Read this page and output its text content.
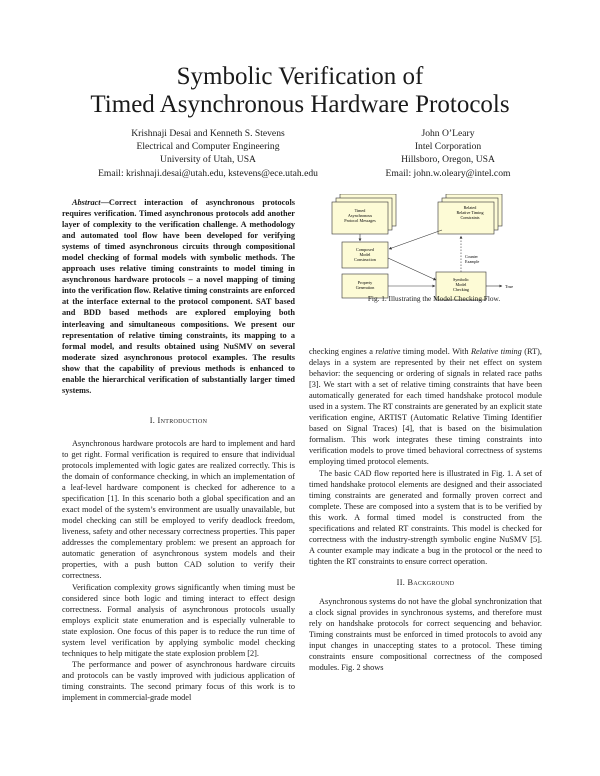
Symbolic Verification of
Timed Asynchronous Hardware Protocols
Krishnaji Desai and Kenneth S. Stevens
Electrical and Computer Engineering
University of Utah, USA
Email: krishnaji.desai@utah.edu, kstevens@ece.utah.edu
John O’Leary
Intel Corporation
Hillsboro, Oregon, USA
Email: john.w.oleary@intel.com

Abstract—Correct interaction of asynchronous protocols requires verification. Timed asynchronous protocols add another layer of complexity to the verification challenge. A methodology and automated tool flow have been developed for verifying systems of timed asynchronous circuits through compositional model checking of formal models with symbolic methods. The approach uses relative timing constraints to model timing in asynchronous hardware protocols – a novel mapping of timing into the verification flow. Relative timing constraints are enforced at the interface external to the protocol component. SAT based and BDD based methods are explored employing both interleaving and simultaneous compositions. We present our representation of relative timing constraints, its mapping to a formal model, and results obtained using NuSMV on several moderate sized asynchronous protocol examples. The results show that the capability of previous methods is enhanced to enable the hierarchical verification of substantially larger timed systems.

I. Introduction

Asynchronous hardware protocols are hard to implement and hard to get right. Formal verification is required to ensure that individual protocols implemented with logic gates are realized correctly. This is the domain of conformance checking, in which an implementation of a leaf-level hardware component is checked for adherence to a specification [1]. In this scenario both a global specification and an exact model of the system’s environment are usually unavailable, but model checking can still be employed to verify deadlock freedom, liveness, safety and other necessary correctness properties. This paper addresses the complementary problem: we present an approach for automatic generation of asynchronous system models and their properties, with a push button CAD solution to verify their correctness.

Verification complexity grows significantly when timing must be considered since both logic and timing interact to effect design correctness. Formal analysis of asynchronous protocols usually employs explicit state enumeration and is especially vulnerable to state explosion. One focus of this paper is to reduce the run time of system level verification by applying symbolic model checking techniques to help mitigate the state explosion problem [2].

The performance and power of asynchronous hardware circuits and protocols can be vastly improved with judicious application of timing constraints. The second primary focus of this work is to implement in commercial-grade model

Timed
Asynchronous
Protocol Messages
Related
Relative Timing
Constraints
Composed
Model
Construction
Property
Generation
Symbolic
Model
Checking
Counter
Example
True
Fig. 1. Illustrating the Model Checking Flow.

checking engines a relative timing model. With Relative timing (RT), delays in a system are represented by their net effect on system behavior: the sequencing or ordering of signals in related race paths [3]. We start with a set of relative timing constraints that have been automatically generated for each timed handshake protocol module used in a system. The RT constraints are generated by an explicit state verification engine, ARTIST (Automatic Relative Timing Identifier based on Signal Traces) [4], that is based on the bisimulation formalism. This work integrates these timing constraints into verification models to prove timed behavioral correctness of systems employing timed protocol elements.

The basic CAD flow reported here is illustrated in Fig. 1. A set of timed handshake protocol elements are designed and their associated timing constraints are generated and formally proven correct and complete. These are composed into a system that is to be verified by this work. A formal timed model is constructed from the specifications and related RT constraints. This model is checked for correctness with the industry-strength symbolic engine NuSMV [5]. A counter example may indicate a bug in the protocol or the need to tighten the RT constraints to ensure correct operation.

II. Background

Asynchronous systems do not have the global synchronization that a clock signal provides in synchronous systems, and therefore must rely on handshake protocols for correct sequencing and behavior. Timing constraints must be enforced in timed protocols to avoid any input changes in unaccepting states to a protocol. These timing constraints ensure compositional correctness of the composed modules. Fig. 2 shows
